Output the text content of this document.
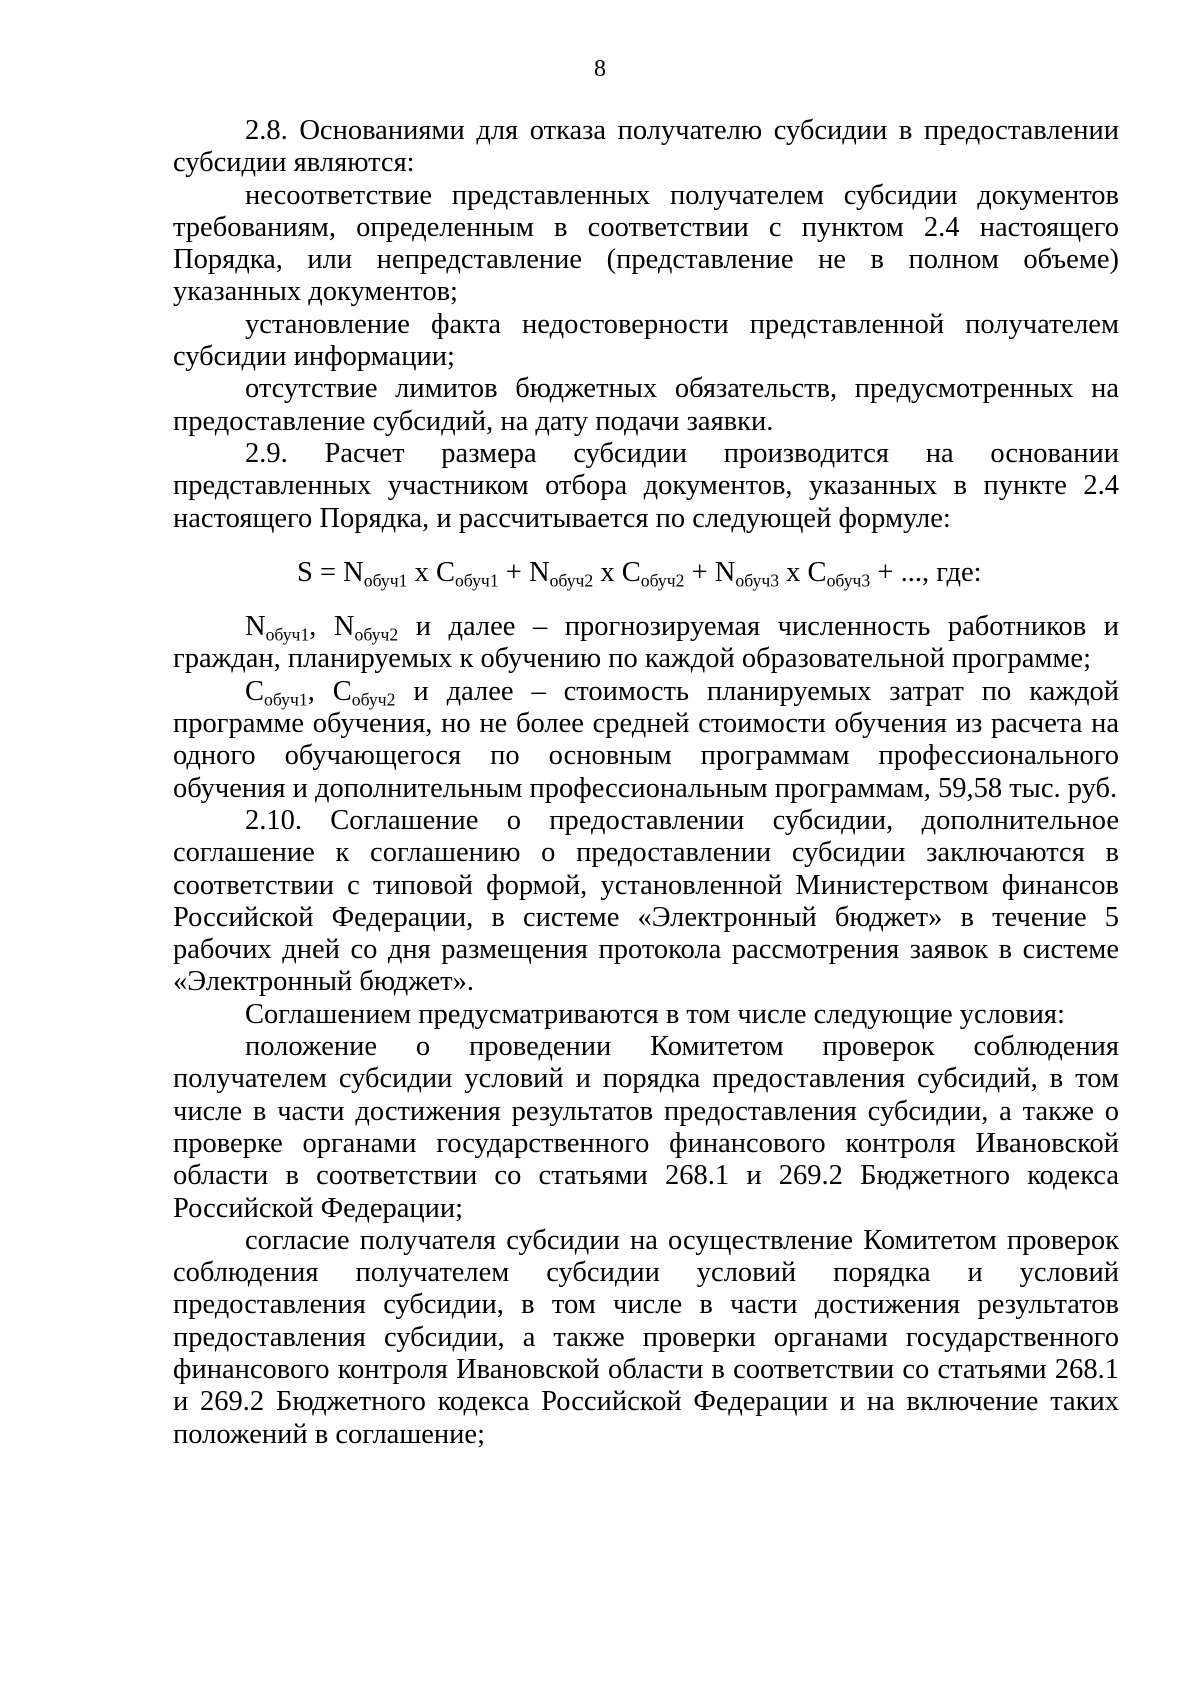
8

2.8. Основаниями для отказа получателю субсидии в предоставлении субсидии являются:

несоответствие представленных получателем субсидии документов требованиям, определенным в соответствии с пунктом 2.4 настоящего Порядка, или непредставление (представление не в полном объеме) указанных документов;

установление факта недостоверности представленной получателем субсидии информации;

отсутствие лимитов бюджетных обязательств, предусмотренных на предоставление субсидий, на дату подачи заявки.

2.9. Расчет размера субсидии производится на основании представленных участником отбора документов, указанных в пункте 2.4 настоящего Порядка, и рассчитывается по следующей формуле:

$S = N_{обуч1}$ x $C_{обуч1} + N_{обуч2}$ x $C_{обуч2} + N_{обуч3}$ x $C_{обуч3}$ + ..., где:

$N_{обуч1}$, $N_{обуч2}$ и далее – прогнозируемая численность работников и граждан, планируемых к обучению по каждой образовательной программе;

$C_{обуч1}$, $C_{обуч2}$ и далее – стоимость планируемых затрат по каждой программе обучения, но не более средней стоимости обучения из расчета на одного обучающегося по основным программам профессионального обучения и дополнительным профессиональным программам, 59,58 тыс. руб.

2.10. Соглашение о предоставлении субсидии, дополнительное соглашение к соглашению о предоставлении субсидии заключаются в соответствии с типовой формой, установленной Министерством финансов Российской Федерации, в системе «Электронный бюджет» в течение 5 рабочих дней со дня размещения протокола рассмотрения заявок в системе «Электронный бюджет».

Соглашением предусматриваются в том числе следующие условия:

положение о проведении Комитетом проверок соблюдения получателем субсидии условий и порядка предоставления субсидий, в том числе в части достижения результатов предоставления субсидии, а также о проверке органами государственного финансового контроля Ивановской области в соответствии со статьями 268.1 и 269.2 Бюджетного кодекса Российской Федерации;

согласие получателя субсидии на осуществление Комитетом проверок соблюдения получателем субсидии условий порядка и условий предоставления субсидии, в том числе в части достижения результатов предоставления субсидии, а также проверки органами государственного финансового контроля Ивановской области в соответствии со статьями 268.1 и 269.2 Бюджетного кодекса Российской Федерации и на включение таких положений в соглашение;
